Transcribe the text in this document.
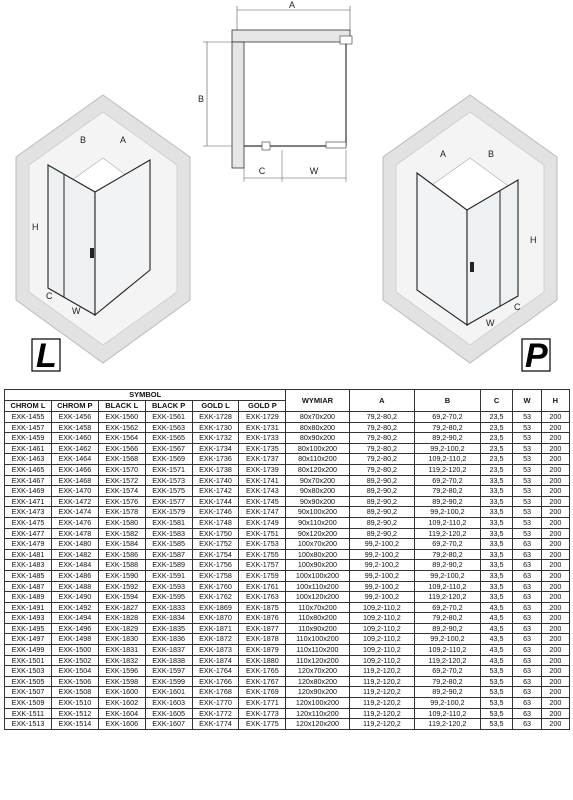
A
B
C	W
B	A
H
C
W
L
A	B
H
C
W
P
SYMBOL						WYMIAR	A	B	C	W	H
CHROM L	CHROM P	BLACK L	BLACK P	GOLD L	GOLD P						
EXK-1455	EXK-1456	EXK-1560	EXK-1561	EXK-1728	EXK-1729	80x70x200	79,2-80,2	69,2-70,2	23,5	53	200
EXK-1457	EXK-1458	EXK-1562	EXK-1563	EXK-1730	EXK-1731	80x80x200	79,2-80,2	79,2-80,2	23,5	53	200
EXK-1459	EXK-1460	EXK-1564	EXK-1565	EXK-1732	EXK-1733	80x90x200	79,2-80,2	89,2-90,2	23,5	53	200
EXK-1461	EXK-1462	EXK-1566	EXK-1567	EXK-1734	EXK-1735	80x100x200	79,2-80,2	99,2-100,2	23,5	53	200
EXK-1463	EXK-1464	EXK-1568	EXK-1569	EXK-1736	EXK-1737	80x110x200	79,2-80,2	109,2-110,2	23,5	53	200
EXK-1465	EXK-1466	EXK-1570	EXK-1571	EXK-1738	EXK-1739	80x120x200	79,2-80,2	119,2-120,2	23,5	53	200
EXK-1467	EXK-1468	EXK-1572	EXK-1573	EXK-1740	EXK-1741	90x70x200	89,2-90,2	69,2-70,2	33,5	53	200
EXK-1469	EXK-1470	EXK-1574	EXK-1575	EXK-1742	EXK-1743	90x80x200	89,2-90,2	79,2-80,2	33,5	53	200
EXK-1471	EXK-1472	EXK-1576	EXK-1577	EXK-1744	EXK-1745	90x90x200	89,2-90,2	89,2-90,2	33,5	53	200
EXK-1473	EXK-1474	EXK-1578	EXK-1579	EXK-1746	EXK-1747	90x100x200	89,2-90,2	99,2-100,2	33,5	53	200
EXK-1475	EXK-1476	EXK-1580	EXK-1581	EXK-1748	EXK-1749	90x110x200	89,2-90,2	109,2-110,2	33,5	53	200
EXK-1477	EXK-1478	EXK-1582	EXK-1583	EXK-1750	EXK-1751	90x120x200	89,2-90,2	119,2-120,2	33,5	53	200
EXK-1479	EXK-1480	EXK-1584	EXK-1585	EXK-1752	EXK-1753	100x70x200	99,2-100,2	69,2-70,2	33,5	63	200
EXK-1481	EXK-1482	EXK-1586	EXK-1587	EXK-1754	EXK-1755	100x80x200	99,2-100,2	79,2-80,2	33,5	63	200
EXK-1483	EXK-1484	EXK-1588	EXK-1589	EXK-1756	EXK-1757	100x90x200	99,2-100,2	89,2-90,2	33,5	63	200
EXK-1485	EXK-1486	EXK-1590	EXK-1591	EXK-1758	EXK-1759	100x100x200	99,2-100,2	99,2-100,2	33,5	63	200
EXK-1487	EXK-1488	EXK-1592	EXK-1593	EXK-1760	EXK-1761	100x110x200	99,2-100,2	109,2-110,2	33,5	63	200
EXK-1489	EXK-1490	EXK-1594	EXK-1595	EXK-1762	EXK-1763	100x120x200	99,2-100,2	119,2-120,2	33,5	63	200
EXK-1491	EXK-1492	EXK-1827	EXK-1833	EXK-1869	EXK-1875	110x70x200	109,2-110,2	69,2-70,2	43,5	63	200
EXK-1493	EXK-1494	EXK-1828	EXK-1834	EXK-1870	EXK-1876	110x80x200	109,2-110,2	79,2-80,2	43,5	63	200
EXK-1495	EXK-1496	EXK-1829	EXK-1835	EXK-1871	EXK-1877	110x90x200	109,2-110,2	89,2-90,2	43,5	63	200
EXK-1497	EXK-1498	EXK-1830	EXK-1836	EXK-1872	EXK-1878	110x100x200	109,2-110,2	99,2-100,2	43,5	63	200
EXK-1499	EXK-1500	EXK-1831	EXK-1837	EXK-1873	EXK-1879	110x110x200	109,2-110,2	109,2-110,2	43,5	63	200
EXK-1501	EXK-1502	EXK-1832	EXK-1838	EXK-1874	EXK-1880	110x120x200	109,2-110,2	119,2-120,2	43,5	63	200
EXK-1503	EXK-1504	EXK-1596	EXK-1597	EXK-1764	EXK-1765	120x70x200	119,2-120,2	69,2-70,2	53,5	63	200
EXK-1505	EXK-1506	EXK-1598	EXK-1599	EXK-1766	EXK-1767	120x80x200	119,2-120,2	79,2-80,2	53,5	63	200
EXK-1507	EXK-1508	EXK-1600	EXK-1601	EXK-1768	EXK-1769	120x90x200	119,2-120,2	89,2-90,2	53,5	63	200
EXK-1509	EXK-1510	EXK-1602	EXK-1603	EXK-1770	EXK-1771	120x100x200	119,2-120,2	99,2-100,2	53,5	63	200
EXK-1511	EXK-1512	EXK-1604	EXK-1605	EXK-1772	EXK-1773	120x110x200	119,2-120,2	109,2-110,2	53,5	63	200
EXK-1513	EXK-1514	EXK-1606	EXK-1607	EXK-1774	EXK-1775	120x120x200	119,2-120,2	119,2-120,2	53,5	63	200
